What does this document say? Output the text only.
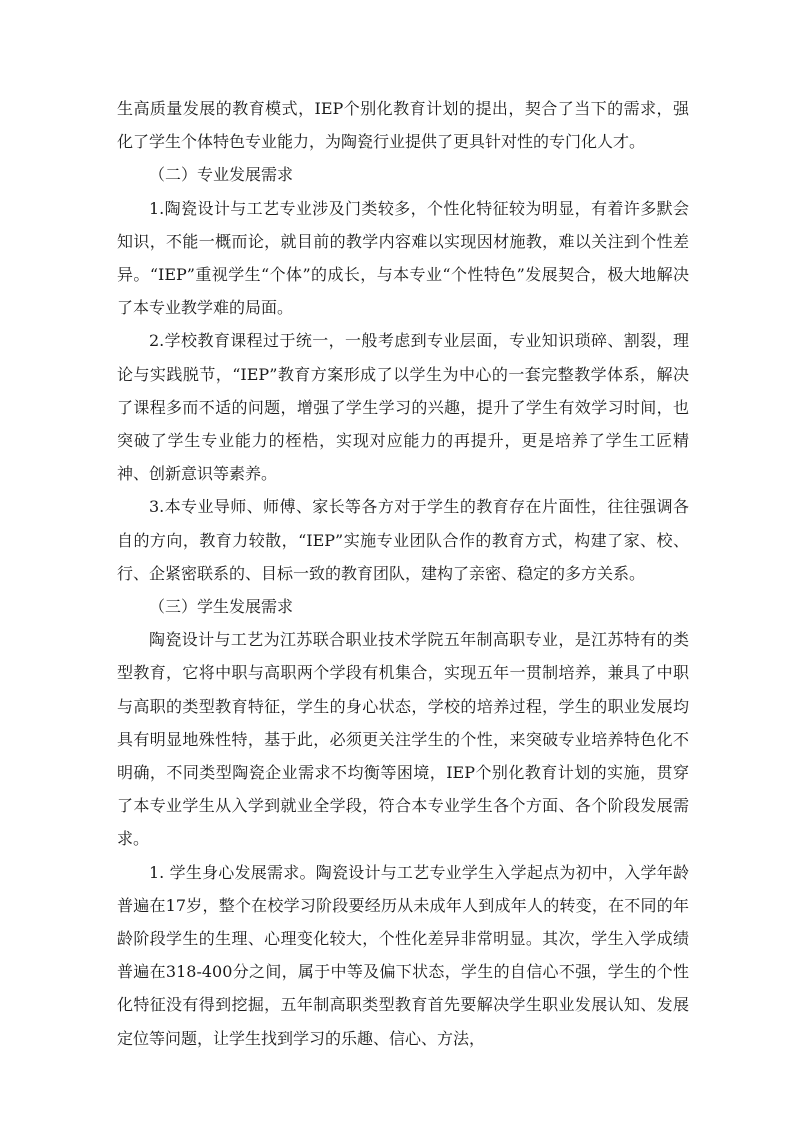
生高质量发展的教育模式，IEP个别化教育计划的提出，契合了当下的需求，强化了学生个体特色专业能力，为陶瓷行业提供了更具针对性的专门化人才。

（二）专业发展需求

1.陶瓷设计与工艺专业涉及门类较多，个性化特征较为明显，有着许多默会知识，不能一概而论，就目前的教学内容难以实现因材施教，难以关注到个性差异。“IEP”重视学生“个体”的成长，与本专业“个性特色”发展契合，极大地解决了本专业教学难的局面。

2.学校教育课程过于统一，一般考虑到专业层面，专业知识琐碎、割裂，理论与实践脱节，“IEP”教育方案形成了以学生为中心的一套完整教学体系，解决了课程多而不适的问题，增强了学生学习的兴趣，提升了学生有效学习时间，也突破了学生专业能力的桎梏，实现对应能力的再提升，更是培养了学生工匠精神、创新意识等素养。

3.本专业导师、师傅、家长等各方对于学生的教育存在片面性，往往强调各自的方向，教育力较散，“IEP”实施专业团队合作的教育方式，构建了家、校、行、企紧密联系的、目标一致的教育团队，建构了亲密、稳定的多方关系。

（三）学生发展需求

陶瓷设计与工艺为江苏联合职业技术学院五年制高职专业，是江苏特有的类型教育，它将中职与高职两个学段有机集合，实现五年一贯制培养，兼具了中职与高职的类型教育特征，学生的身心状态，学校的培养过程，学生的职业发展均具有明显地殊性特，基于此，必须更关注学生的个性，来突破专业培养特色化不明确，不同类型陶瓷企业需求不均衡等困境，IEP个别化教育计划的实施，贯穿了本专业学生从入学到就业全学段，符合本专业学生各个方面、各个阶段发展需求。

1. 学生身心发展需求。陶瓷设计与工艺专业学生入学起点为初中，入学年龄普遍在17岁，整个在校学习阶段要经历从未成年人到成年人的转变，在不同的年龄阶段学生的生理、心理变化较大，个性化差异非常明显。其次，学生入学成绩普遍在318-400分之间，属于中等及偏下状态，学生的自信心不强，学生的个性化特征没有得到挖掘，五年制高职类型教育首先要解决学生职业发展认知、发展定位等问题，让学生找到学习的乐趣、信心、方法，
